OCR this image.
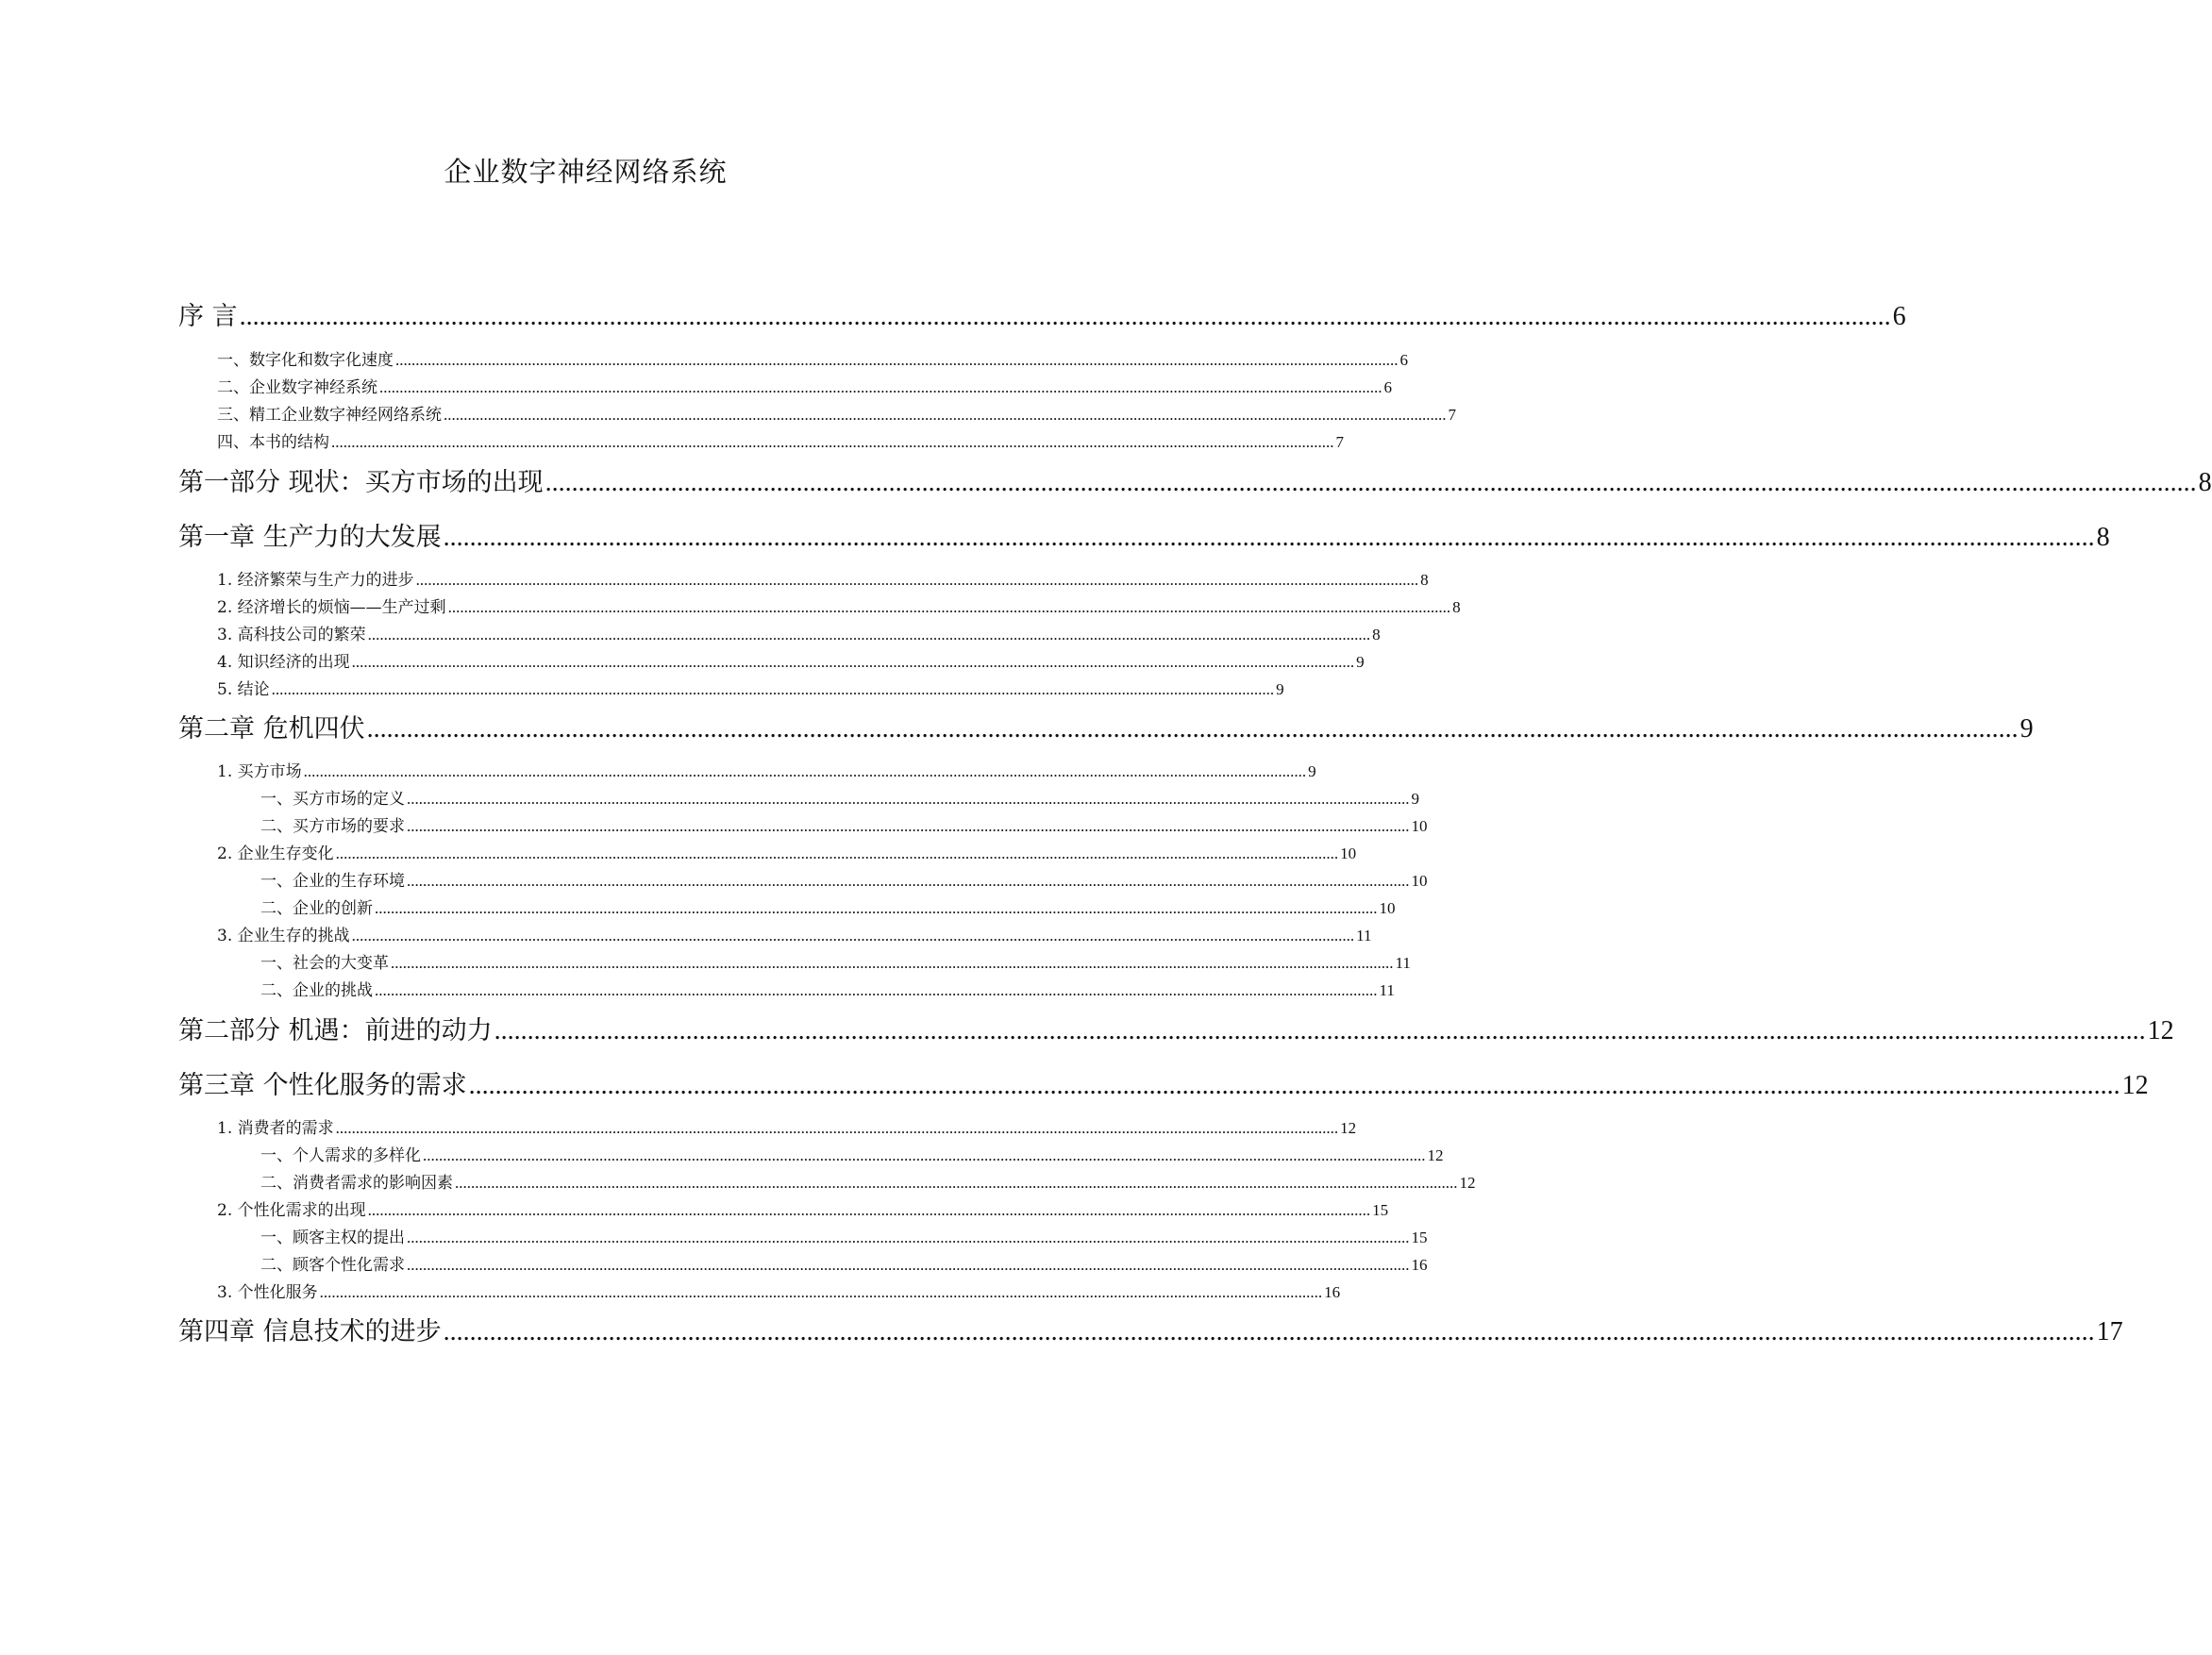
企业数字神经网络系统
序 言 .......................................................................................................................................................................................................................................................... 6
一、数字化和数字化速度 .......................................................................................................................................................................................................................................................... 6
二、企业数字神经系统 .......................................................................................................................................................................................................................................................... 6
三、精工企业数字神经网络系统 .......................................................................................................................................................................................................................................................... 7
四、本书的结构 .......................................................................................................................................................................................................................................................... 7
第一部分 现状：买方市场的出现 .......................................................................................................................................................................................................................................................... 8
第一章 生产力的大发展 .......................................................................................................................................................................................................................................................... 8
1. 经济繁荣与生产力的进步 .......................................................................................................................................................................................................................................................... 8
2. 经济增长的烦恼——生产过剩 .......................................................................................................................................................................................................................................................... 8
3. 高科技公司的繁荣 .......................................................................................................................................................................................................................................................... 8
4. 知识经济的出现 .......................................................................................................................................................................................................................................................... 9
5. 结论 .......................................................................................................................................................................................................................................................... 9
第二章 危机四伏 .......................................................................................................................................................................................................................................................... 9
1. 买方市场 .......................................................................................................................................................................................................................................................... 9
一、买方市场的定义 .......................................................................................................................................................................................................................................................... 9
二、买方市场的要求 .......................................................................................................................................................................................................................................................... 10
2. 企业生存变化 .......................................................................................................................................................................................................................................................... 10
一、企业的生存环境 .......................................................................................................................................................................................................................................................... 10
二、企业的创新 .......................................................................................................................................................................................................................................................... 10
3. 企业生存的挑战 .......................................................................................................................................................................................................................................................... 11
一、社会的大变革 .......................................................................................................................................................................................................................................................... 11
二、企业的挑战 .......................................................................................................................................................................................................................................................... 11
第二部分 机遇：前进的动力 .......................................................................................................................................................................................................................................................... 12
第三章 个性化服务的需求 .......................................................................................................................................................................................................................................................... 12
1. 消费者的需求 .......................................................................................................................................................................................................................................................... 12
一、个人需求的多样化 .......................................................................................................................................................................................................................................................... 12
二、消费者需求的影响因素 .......................................................................................................................................................................................................................................................... 12
2. 个性化需求的出现 .......................................................................................................................................................................................................................................................... 15
一、顾客主权的提出 .......................................................................................................................................................................................................................................................... 15
二、顾客个性化需求 .......................................................................................................................................................................................................................................................... 16
3. 个性化服务 .......................................................................................................................................................................................................................................................... 16
第四章 信息技术的进步 .......................................................................................................................................................................................................................................................... 17
